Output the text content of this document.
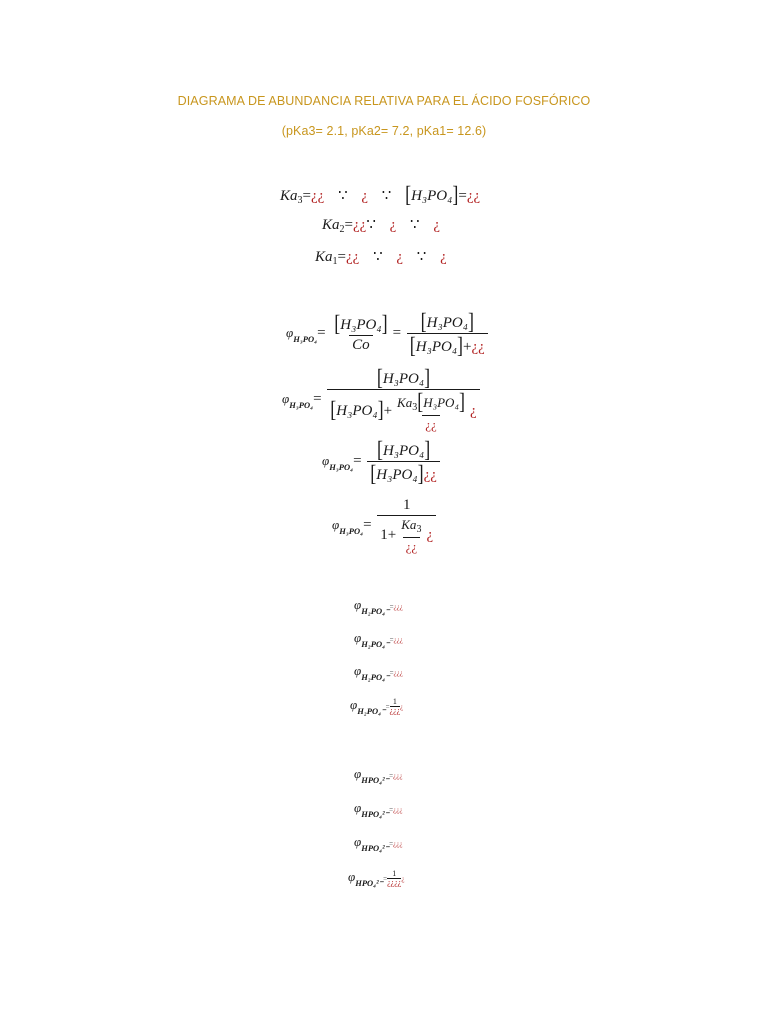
DIAGRAMA DE ABUNDANCIA RELATIVA PARA EL ÁCIDO FOSFÓRICO
(pKa3= 2.1, pKa2= 7.2, pKa1= 12.6)
$Ka_3=¿¿$ ∵ ¿ ∵ [H₃PO₄]=¿¿
$Ka_2=¿¿\because$ ¿ ∵ ¿
$Ka_1=¿¿$ ∵ ¿ ∵ ¿
$\varphi_{H_3PO_4}= \frac{\text{[H₃PO₄]}}{Co} = \frac{\text{[H₃PO₄]}}{\text{[H₃PO₄]+¿¿}}$
$\varphi_{H_3PO_4}= \frac{\text{[H₃PO₄]}}{[H_3PO_4]+ \frac{Ka_3[H_3PO_4]}{¿¿} ¿}$
$\varphi_{H_3PO_4}= \frac{\text{[H₃PO₄]}}{\text{[H₃PO₄]¿¿}}$
$\varphi_{H_3PO_4}= \frac{1}{1+ \frac{Ka_3}{¿¿} ¿}$
$\varphi_{H_2PO_4^-}=¿¿¿$
$\varphi_{H_2PO_4^-}=¿¿¿$
$\varphi_{H_2PO_4^-}=¿¿¿$
$\varphi_{H_2PO_4^-}=$
1
¿¿¿ ¿
$\varphi_{HPO_4^{2-}}=¿¿¿$
$\varphi_{HPO_4^{2-}}=¿¿¿$
$\varphi_{HPO_4^{2-}}=¿¿¿$
$\varphi_{HPO_4^{2-}}=$
1
¿¿¿¿ ¿
